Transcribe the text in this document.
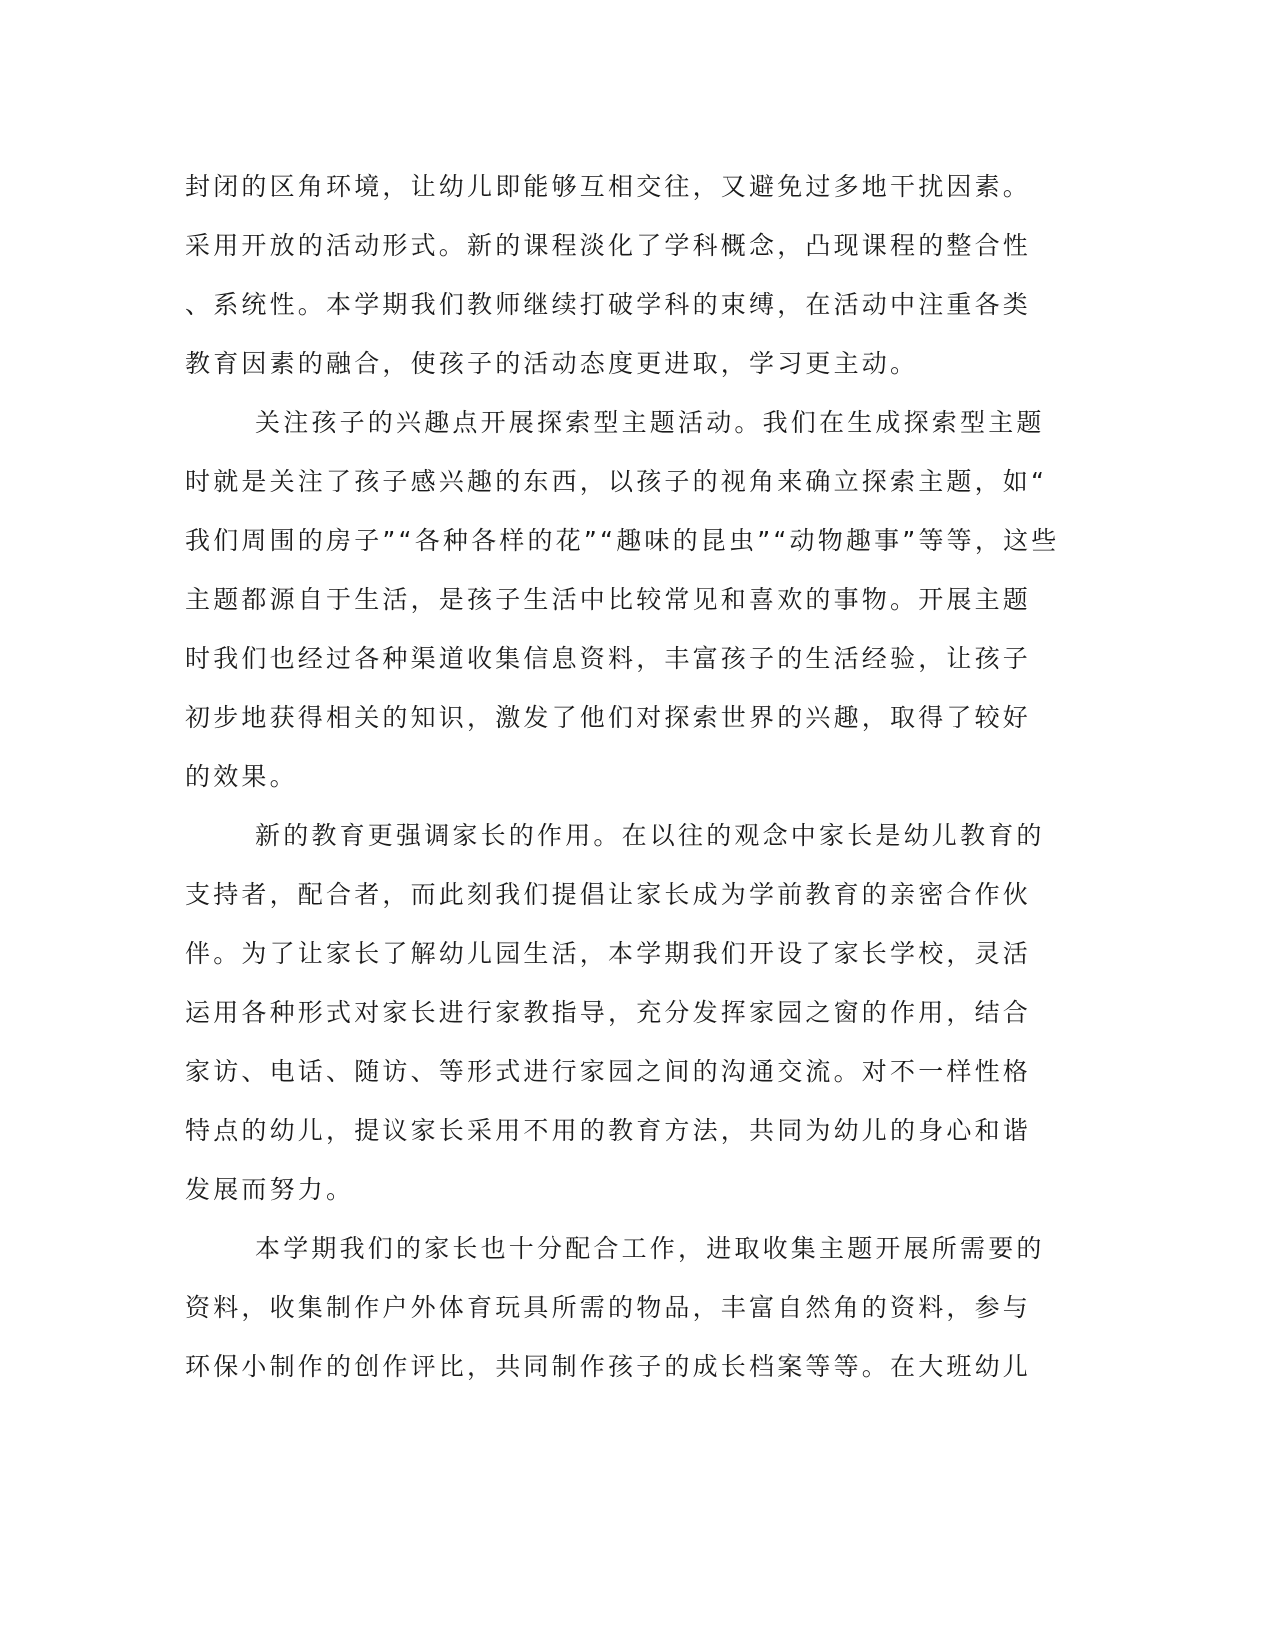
封闭的区角环境，让幼儿即能够互相交往，又避免过多地干扰因素。
采用开放的活动形式。新的课程淡化了学科概念，凸现课程的整合性
、系统性。本学期我们教师继续打破学科的束缚，在活动中注重各类
教育因素的融合，使孩子的活动态度更进取，学习更主动。
关注孩子的兴趣点开展探索型主题活动。我们在生成探索型主题
时就是关注了孩子感兴趣的东西，以孩子的视角来确立探索主题，如“
我们周围的房子”“各种各样的花”“趣味的昆虫”“动物趣事”等等，这些
主题都源自于生活，是孩子生活中比较常见和喜欢的事物。开展主题
时我们也经过各种渠道收集信息资料，丰富孩子的生活经验，让孩子
初步地获得相关的知识，激发了他们对探索世界的兴趣，取得了较好
的效果。
新的教育更强调家长的作用。在以往的观念中家长是幼儿教育的
支持者，配合者，而此刻我们提倡让家长成为学前教育的亲密合作伙
伴。为了让家长了解幼儿园生活，本学期我们开设了家长学校，灵活
运用各种形式对家长进行家教指导，充分发挥家园之窗的作用，结合
家访、电话、随访、等形式进行家园之间的沟通交流。对不一样性格
特点的幼儿，提议家长采用不用的教育方法，共同为幼儿的身心和谐
发展而努力。
本学期我们的家长也十分配合工作，进取收集主题开展所需要的
资料，收集制作户外体育玩具所需的物品，丰富自然角的资料，参与
环保小制作的创作评比，共同制作孩子的成长档案等等。在大班幼儿
